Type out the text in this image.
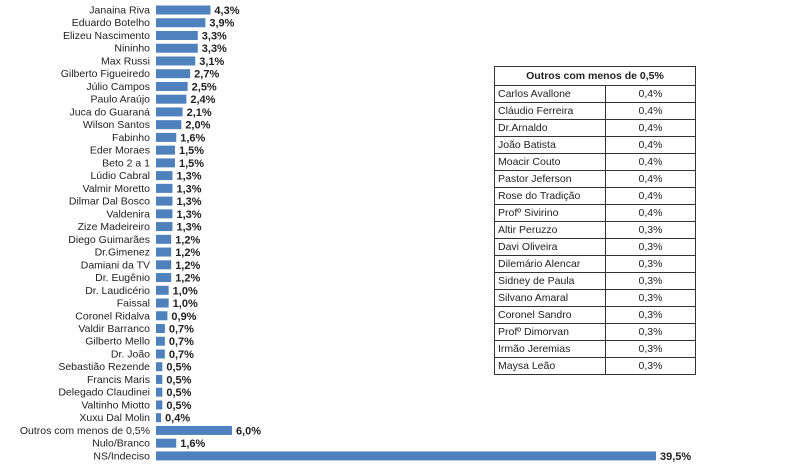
Janaina Riva	4,3%
Eduardo Botelho	3,9%
Elizeu Nascimento	3,3%
Nininho	3,3%
Max Russi	3,1%
Gilberto Figueiredo	2,7%
Júlio Campos	2,5%
Paulo Araújo	2,4%
Juca do Guaraná	2,1%
Wilson Santos	2,0%
Fabinho	1,6%
Eder Moraes	1,5%
Beto 2 a 1	1,5%
Lúdio Cabral 1,3%
Valmir Moretto 1,3%
Dilmar Dal Bosco 1,3%
Valdenira 1,3%
Zize Madeireiro 1,3%
Diego Guimarães 1,2%
Dr.Gimenez 1,2%
Damiani da TV 1,2%
Dr. Eugênio 1,2%
Dr. Laudicério 1,0%
Faissal 1,0%
Coronel Ridalva 0,9%
Valdir Barranco 0,7%
Gilberto Mello 0,7%
Dr. João 0,7%
Sebastião Rezende 0,5%
Francis Maris 0,5%
Delegado Claudinei 0,5%
Valtinho Miotto 0,5%
Xuxu Dal Molin 0,4%
Outros com menos de 0,5%	6,0%
Nulo/Branco	1,6%
NS/Indeciso	39,5%
Outros com menos de 0,5%	
Carlos Avallone	0,4%
Cláudio Ferreira	0,4%
Dr.Arnaldo	0,4%
João Batista	0,4%
Moacir Couto	0,4%
Pastor Jeferson	0,4%
Rose do Tradição	0,4%
Profº Sivirino	0,4%
Altir Peruzzo	0,3%
Davi Oliveira	0,3%
Dilemário Alencar	0,3%
Sidney de Paula	0,3%
Silvano Amaral	0,3%
Coronel Sandro	0,3%
Profº Dimorvan	0,3%
Irmão Jeremias	0,3%
Maysa Leão	0,3%
